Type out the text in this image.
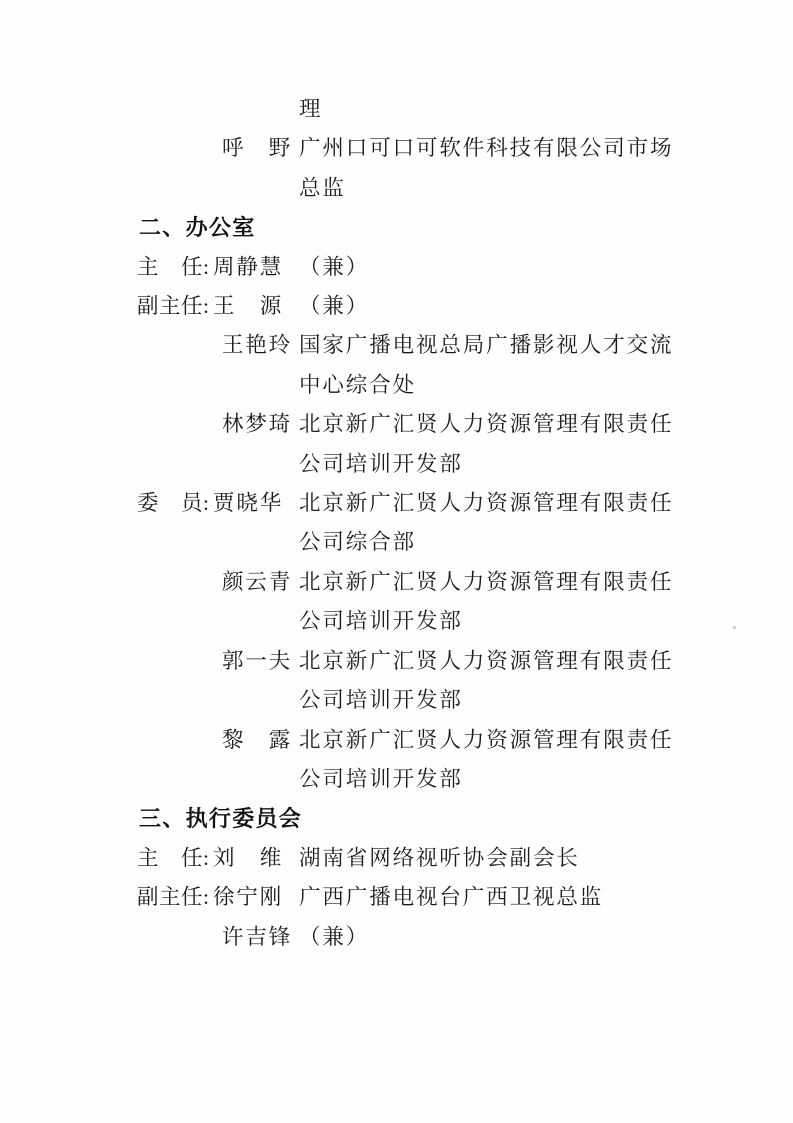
理
呼　野 广州口可口可软件科技有限公司市场总监
二、办公室
主　任: 周静慧 （兼）
副主任: 王　源 （兼）
王艳玲 国家广播电视总局广播影视人才交流中心综合处
林梦琦 北京新广汇贤人力资源管理有限责任公司培训开发部
委　员: 贾晓华 北京新广汇贤人力资源管理有限责任公司综合部
颜云青 北京新广汇贤人力资源管理有限责任公司培训开发部
郭一夫 北京新广汇贤人力资源管理有限责任公司培训开发部
黎　露 北京新广汇贤人力资源管理有限责任公司培训开发部
三、执行委员会
主　任: 刘　维 湖南省网络视听协会副会长
副主任: 徐宁刚 广西广播电视台广西卫视总监
许吉锋 （兼）
